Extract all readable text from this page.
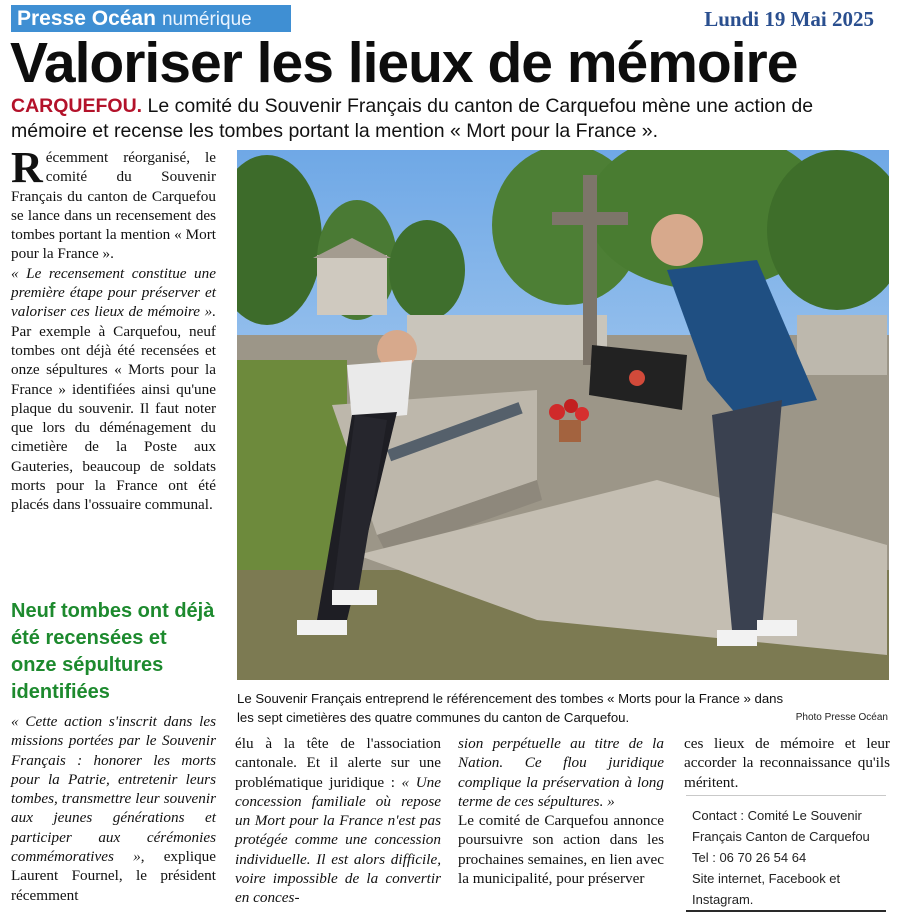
Presse Océan numérique	Lundi 19 Mai 2025
Valoriser les lieux de mémoire
CARQUEFOU. Le comité du Souvenir Français du canton de Carquefou mène une action de mémoire et recense les tombes portant la mention « Mort pour la France ».

Récemment réorganisé, le comité du Souvenir Français du canton de Carquefou se lance dans un recensement des tombes portant la mention « Mort pour la France ».

« Le recensement constitue une première étape pour préserver et valoriser ces lieux de mémoire ». Par exemple à Carquefou, neuf tombes ont déjà été recensées et onze sépultures « Morts pour la France » identifiées ainsi qu'une plaque du souvenir. Il faut noter que lors du déménagement du cimetière de la Poste aux Gauteries, beaucoup de soldats morts pour la France ont été placés dans l'ossuaire communal.

Neuf tombes ont déjà été recensées et onze sépultures identifiées

« Cette action s'inscrit dans les missions portées par le Souvenir Français : honorer les morts pour la Patrie, entretenir leurs tombes, transmettre leur souvenir aux jeunes générations et participer aux cérémonies commémoratives », explique Laurent Fournel, le président récemment

Le Souvenir Français entreprend le référencement des tombes « Morts pour la France » dans les sept cimetières des quatre communes du canton de Carquefou.	Photo Presse Océan

élu à la tête de l'association cantonale. Et il alerte sur une problématique juridique : « Une concession familiale où repose un Mort pour la France n'est pas protégée comme une concession individuelle. Il est alors difficile, voire impossible de la convertir en conces-

sion perpétuelle au titre de la Nation. Ce flou juridique complique la préservation à long terme de ces sépultures. »

Le comité de Carquefou annonce poursuivre son action dans les prochaines semaines, en lien avec la municipalité, pour préserver

ces lieux de mémoire et leur accorder la reconnaissance qu'ils méritent.

Contact : Comité Le Souvenir Français Canton de Carquefou
Tel : 06 70 26 54 64
Site internet, Facebook et Instagram.
